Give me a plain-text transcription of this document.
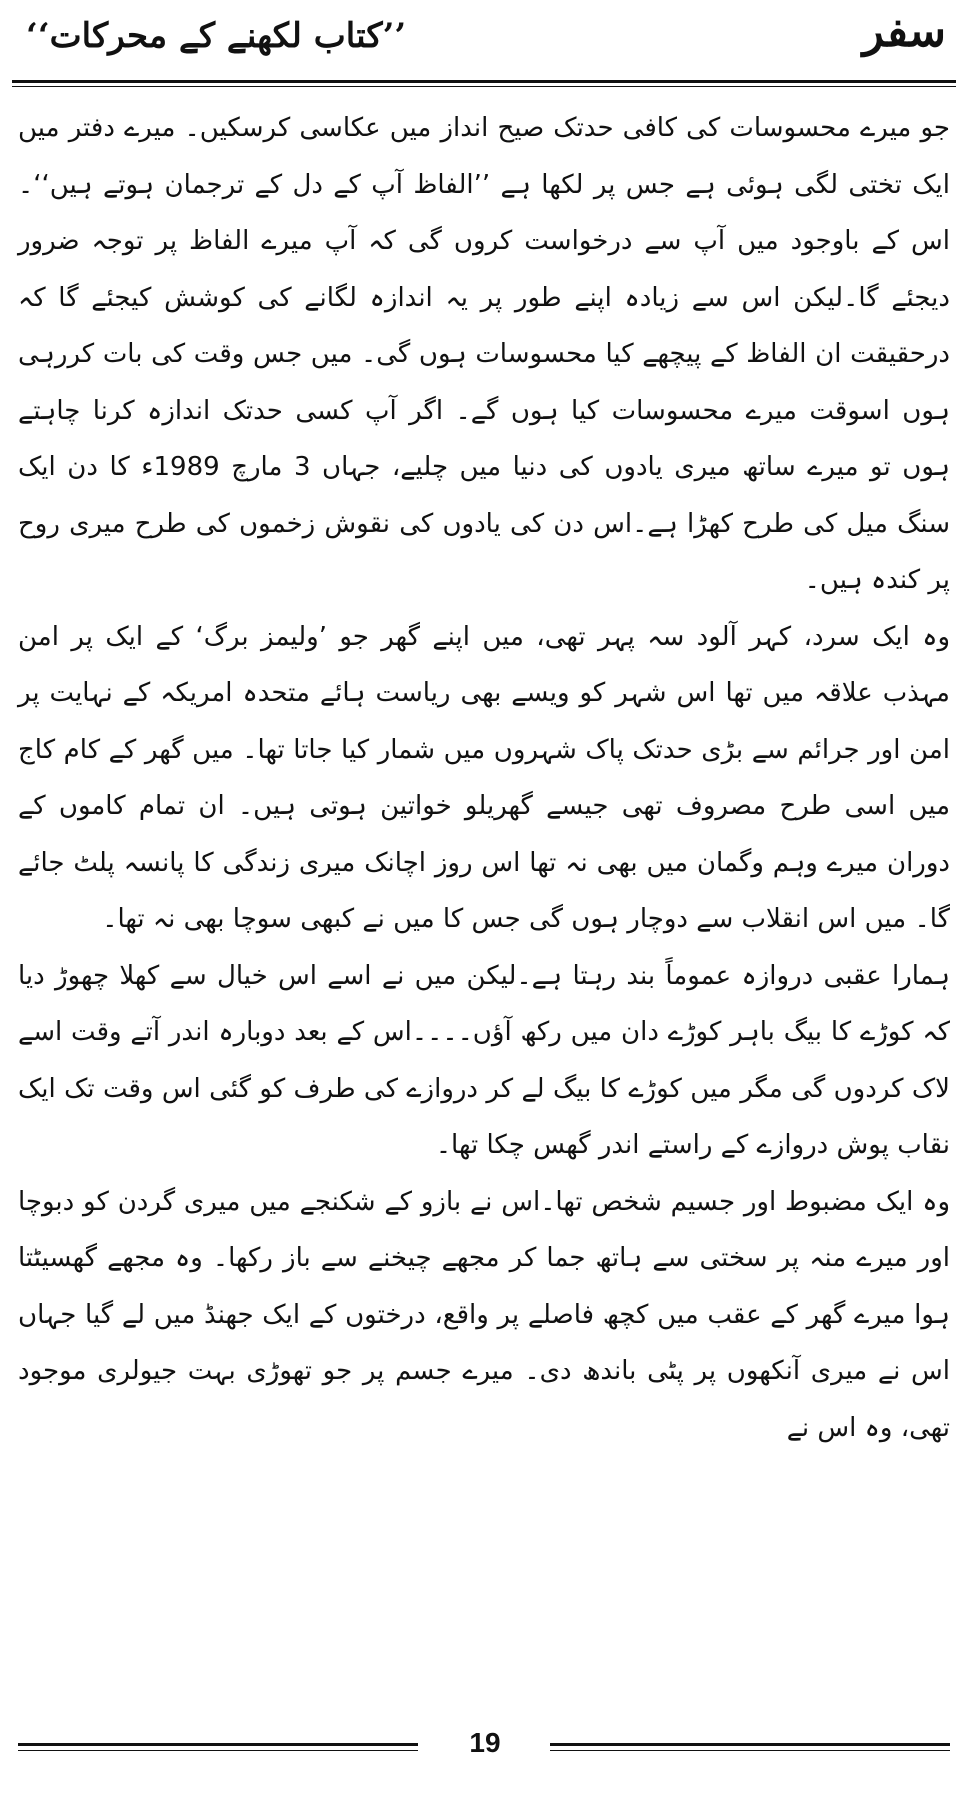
سفر
’’کتاب لکھنے کے محرکات‘‘

جو میرے محسوسات کی کافی حدتک صیح انداز میں عکاسی کرسکیں۔ میرے دفتر میں ایک تختی لگی ہوئی ہے جس پر لکھا ہے ’’الفاظ آپ کے دل کے ترجمان ہوتے ہیں‘‘۔اس کے باوجود میں آپ سے درخواست کروں گی کہ آپ میرے الفاظ پر توجہ ضرور دیجئے گا۔لیکن اس سے زیادہ اپنے طور پر یہ اندازہ لگانے کی کوشش کیجئے گا کہ درحقیقت ان الفاظ کے پیچھے کیا محسوسات ہوں گی۔ میں جس وقت کی بات کررہی ہوں اسوقت میرے محسوسات کیا ہوں گے۔ اگر آپ کسی حدتک اندازہ کرنا چاہتے ہوں تو میرے ساتھ میری یادوں کی دنیا میں چلیے، جہاں 3 مارچ 1989ء کا دن ایک سنگ میل کی طرح کھڑا ہے۔اس دن کی یادوں کی نقوش زخموں کی طرح میری روح پر کندہ ہیں۔

وہ ایک سرد، کہر آلود سہ پہر تھی، میں اپنے گھر جو ’ولیمز برگ‘ کے ایک پر امن مہذب علاقہ میں تھا اس شہر کو ویسے بھی ریاست ہائے متحدہ امریکہ کے نہایت پر امن اور جرائم سے بڑی حدتک پاک شہروں میں شمار کیا جاتا تھا۔ میں گھر کے کام کاج میں اسی طرح مصروف تھی جیسے گھریلو خواتین ہوتی ہیں۔ ان تمام کاموں کے دوران میرے وہم وگمان میں بھی نہ تھا اس روز اچانک میری زندگی کا پانسہ پلٹ جائے گا۔ میں اس انقلاب سے دوچار ہوں گی جس کا میں نے کبھی سوچا بھی نہ تھا۔

ہمارا عقبی دروازہ عموماً بند رہتا ہے۔لیکن میں نے اسے اس خیال سے کھلا چھوڑ دیا کہ کوڑے کا بیگ باہر کوڑے دان میں رکھ آؤں۔۔۔۔اس کے بعد دوبارہ اندر آتے وقت اسے لاک کردوں گی مگر میں کوڑے کا بیگ لے کر دروازے کی طرف کو گئی اس وقت تک ایک نقاب پوش دروازے کے راستے اندر گھس چکا تھا۔

وہ ایک مضبوط اور جسیم شخص تھا۔اس نے بازو کے شکنجے میں میری گردن کو دبوچا اور میرے منہ پر سختی سے ہاتھ جما کر مجھے چیخنے سے باز رکھا۔ وہ مجھے گھسیٹتا ہوا میرے گھر کے عقب میں کچھ فاصلے پر واقع، درختوں کے ایک جھنڈ میں لے گیا جہاں اس نے میری آنکھوں پر پٹی باندھ دی۔ میرے جسم پر جو تھوڑی بہت جیولری موجود تھی، وہ اس نے

19
